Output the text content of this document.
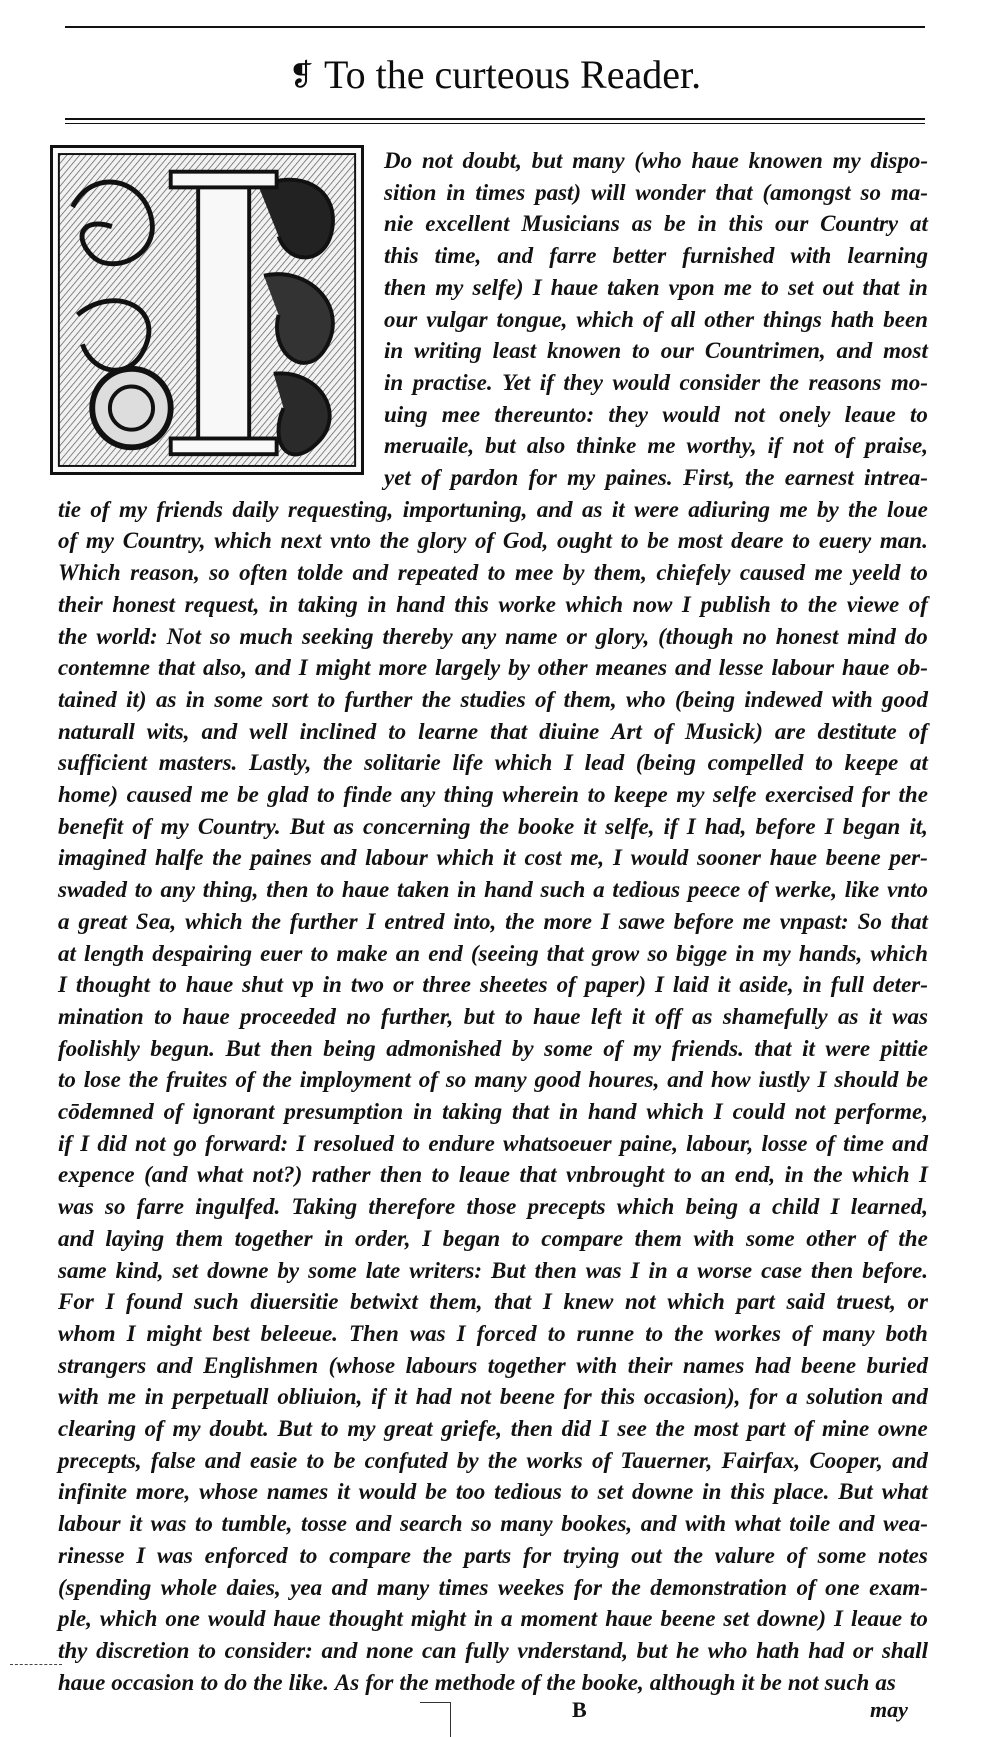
❡ To the curteous Reader.
Do not doubt, but many (who haue knowen my dispo-
sition in times past) will wonder that (amongst so ma-
nie excellent Musicians as be in this our Country at
this time, and farre better furnished with learning
then my selfe) I haue taken vpon me to set out that in
our vulgar tongue, which of all other things hath been
in writing least knowen to our Countrimen, and most
in practise. Yet if they would consider the reasons mo-
uing mee thereunto: they would not onely leaue to
meruaile, but also thinke me worthy, if not of praise,
yet of pardon for my paines. First, the earnest intrea-
tie of my friends daily requesting, importuning, and as it were adiuring me by the loue
of my Country, which next vnto the glory of God, ought to be most deare to euery man.
Which reason, so often tolde and repeated to mee by them, chiefely caused me yeeld to
their honest request, in taking in hand this worke which now I publish to the viewe of
the world: Not so much seeking thereby any name or glory, (though no honest mind do
contemne that also, and I might more largely by other meanes and lesse labour haue ob-
tained it) as in some sort to further the studies of them, who (being indewed with good
naturall wits, and well inclined to learne that diuine Art of Musick) are destitute of
sufficient masters. Lastly, the solitarie life which I lead (being compelled to keepe at
home) caused me be glad to finde any thing wherein to keepe my selfe exercised for the
benefit of my Country. But as concerning the booke it selfe, if I had, before I began it,
imagined halfe the paines and labour which it cost me, I would sooner haue beene per-
swaded to any thing, then to haue taken in hand such a tedious peece of werke, like vnto
a great Sea, which the further I entred into, the more I sawe before me vnpast: So that
at length despairing euer to make an end (seeing that grow so bigge in my hands, which
I thought to haue shut vp in two or three sheetes of paper) I laid it aside, in full deter-
mination to haue proceeded no further, but to haue left it off as shamefully as it was
foolishly begun. But then being admonished by some of my friends. that it were pittie
to lose the fruites of the imployment of so many good houres, and how iustly I should be
cōdemned of ignorant presumption in taking that in hand which I could not performe,
if I did not go forward: I resolued to endure whatsoeuer paine, labour, losse of time and
expence (and what not?) rather then to leaue that vnbrought to an end, in the which I
was so farre ingulfed. Taking therefore those precepts which being a child I learned,
and laying them together in order, I began to compare them with some other of the
same kind, set downe by some late writers: But then was I in a worse case then before.
For I found such diuersitie betwixt them, that I knew not which part said truest, or
whom I might best beleeue. Then was I forced to runne to the workes of many both
strangers and Englishmen (whose labours together with their names had beene buried
with me in perpetuall obliuion, if it had not beene for this occasion), for a solution and
clearing of my doubt. But to my great griefe, then did I see the most part of mine owne
precepts, false and easie to be confuted by the works of Tauerner, Fairfax, Cooper, and
infinite more, whose names it would be too tedious to set downe in this place. But what
labour it was to tumble, tosse and search so many bookes, and with what toile and wea-
rinesse I was enforced to compare the parts for trying out the valure of some notes
(spending whole daies, yea and many times weekes for the demonstration of one exam-
ple, which one would haue thought might in a moment haue beene set downe) I leaue to
thy discretion to consider: and none can fully vnderstand, but he who hath had or shall
haue occasion to do the like. As for the methode of the booke, although it be not such as
B	may
